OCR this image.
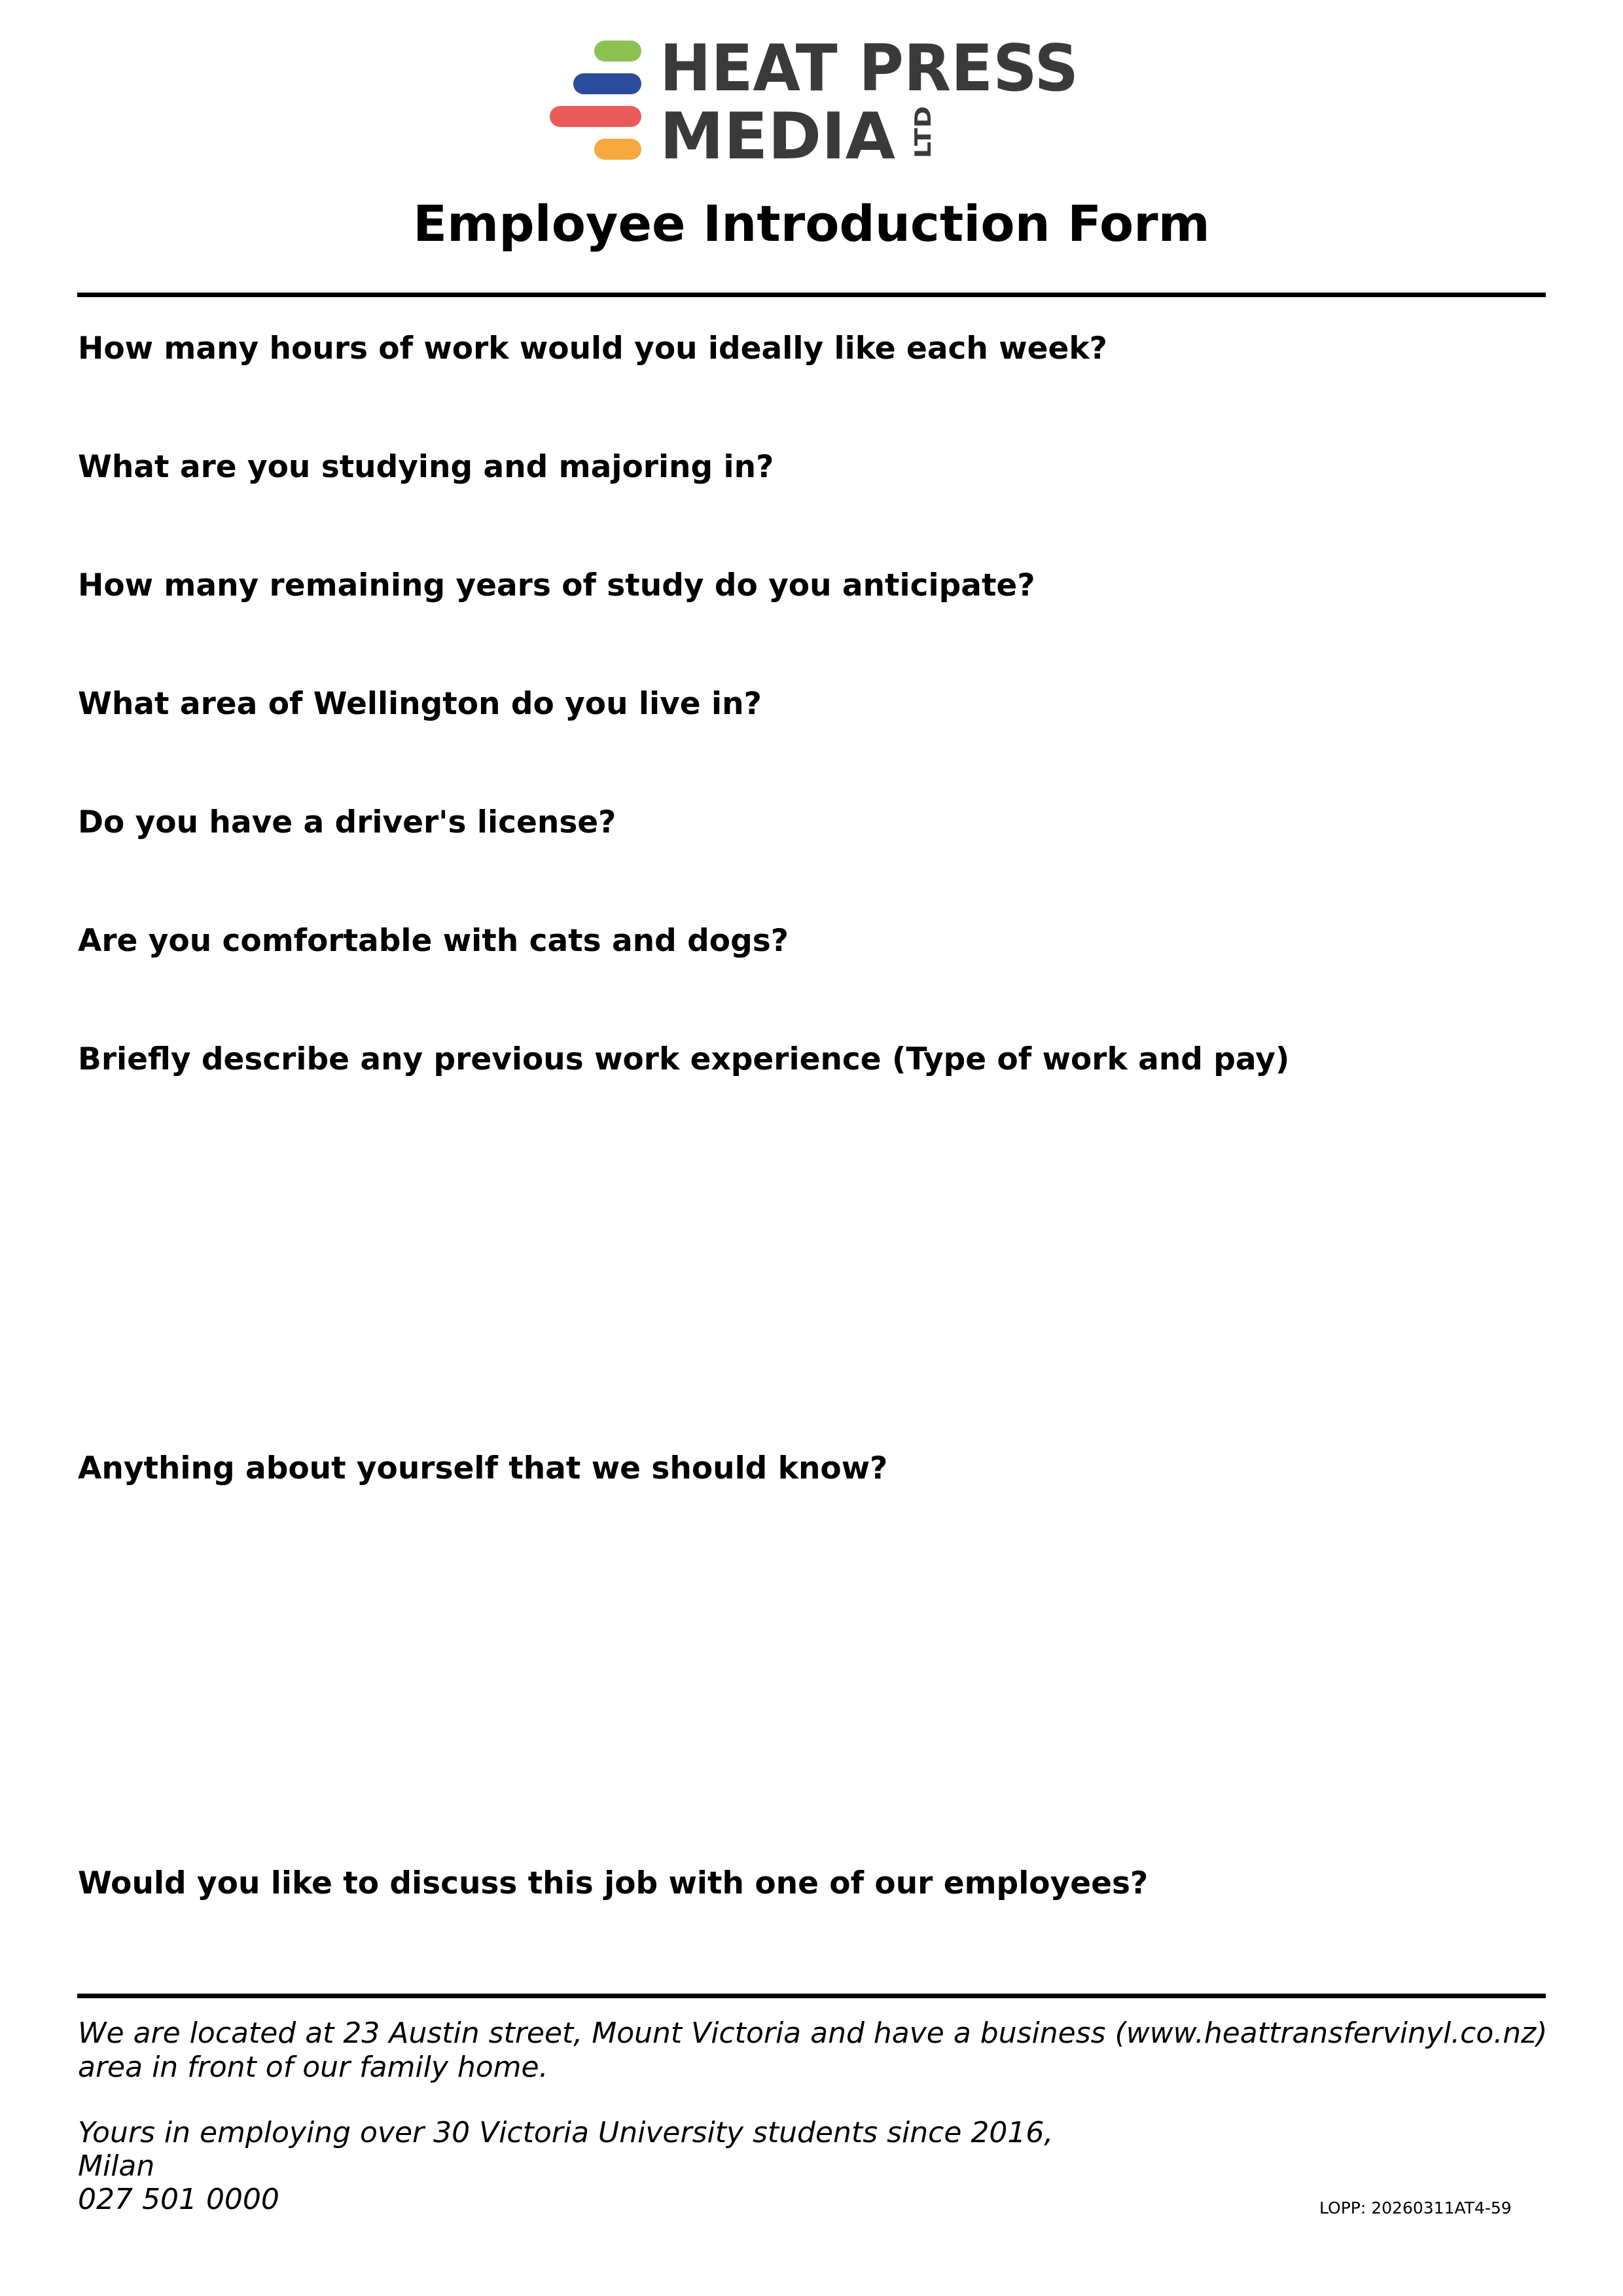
HEAT PRESS
MEDIA LTD
Employee Introduction Form
How many hours of work would you ideally like each week?
What are you studying and majoring in?
How many remaining years of study do you anticipate?
What area of Wellington do you live in?
Do you have a driver's license?
Are you comfortable with cats and dogs?
Briefly describe any previous work experience (Type of work and pay)
Anything about yourself that we should know?
Would you like to discuss this job with one of our employees?
We are located at 23 Austin street, Mount Victoria and have a business (www.heattransfervinyl.co.nz)
area in front of our family home.
Yours in employing over 30 Victoria University students since 2016,
Milan
027 501 0000	LOPP: 20260311AT4-59
